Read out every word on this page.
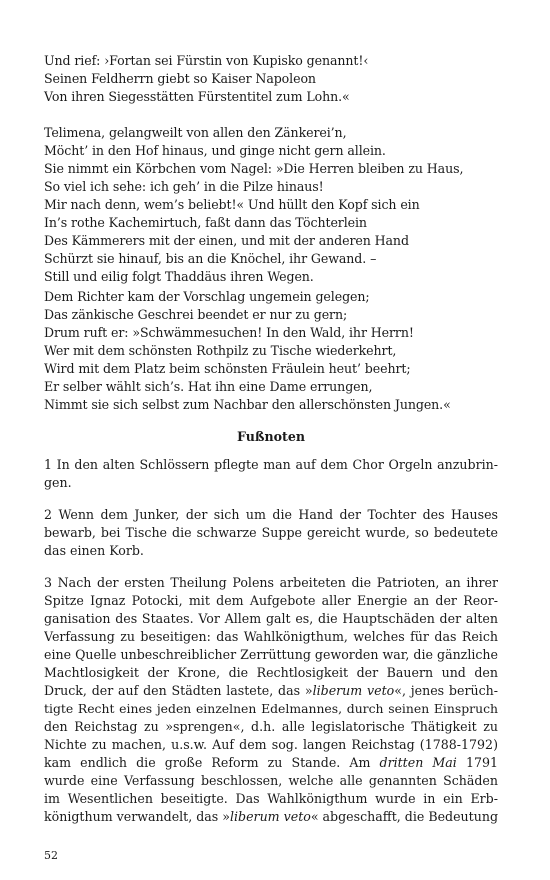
Und rief: ›Fortan sei Fürstin von Kupisko genannt!‹
Seinen Feldherrn giebt so Kaiser Napoleon
Von ihren Siegesstätten Fürstentitel zum Lohn.«
Telimena, gelangweilt von allen den Zänkerei’n,
Möcht’ in den Hof hinaus, und ginge nicht gern allein.
Sie nimmt ein Körbchen vom Nagel: »Die Herren bleiben zu Haus,
So viel ich sehe: ich geh’ in die Pilze hinaus!
Mir nach denn, wem’s beliebt!« Und hüllt den Kopf sich ein
In’s rothe Kachemirtuch, faßt dann das Töchterlein
Des Kämmerers mit der einen, und mit der anderen Hand
Schürzt sie hinauf, bis an die Knöchel, ihr Gewand. –
Still und eilig folgt Thaddäus ihren Wegen.
Dem Richter kam der Vorschlag ungemein gelegen;
Das zänkische Geschrei beendet er nur zu gern;
Drum ruft er: »Schwämmesuchen! In den Wald, ihr Herrn!
Wer mit dem schönsten Rothpilz zu Tische wiederkehrt,
Wird mit dem Platz beim schönsten Fräulein heut’ beehrt;
Er selber wählt sich’s. Hat ihn eine Dame errungen,
Nimmt sie sich selbst zum Nachbar den allerschönsten Jungen.«
Fußnoten
1 In den alten Schlössern pflegte man auf dem Chor Orgeln anzubrin-
gen.
2 Wenn dem Junker, der sich um die Hand der Tochter des Hauses
bewarb, bei Tische die schwarze Suppe gereicht wurde, so bedeutete
das einen Korb.
3 Nach der ersten Theilung Polens arbeiteten die Patrioten, an ihrer
Spitze Ignaz Potocki, mit dem Aufgebote aller Energie an der Reor-
ganisation des Staates. Vor Allem galt es, die Hauptschäden der alten
Verfassung zu beseitigen: das Wahlkönigthum, welches für das Reich
eine Quelle unbeschreiblicher Zerrüttung geworden war, die gänzliche
Machtlosigkeit der Krone, die Rechtlosigkeit der Bauern und den
Druck, der auf den Städten lastete, das »liberum veto«, jenes berüch-
tigte Recht eines jeden einzelnen Edelmannes, durch seinen Einspruch
den Reichstag zu »sprengen«, d.h. alle legislatorische Thätigkeit zu
Nichte zu machen, u.s.w. Auf dem sog. langen Reichstag (1788-1792)
kam endlich die große Reform zu Stande. Am dritten Mai 1791
wurde eine Verfassung beschlossen, welche alle genannten Schäden
im Wesentlichen beseitigte. Das Wahlkönigthum wurde in ein Erb-
königthum verwandelt, das »liberum veto« abgeschafft, die Bedeutung
52
